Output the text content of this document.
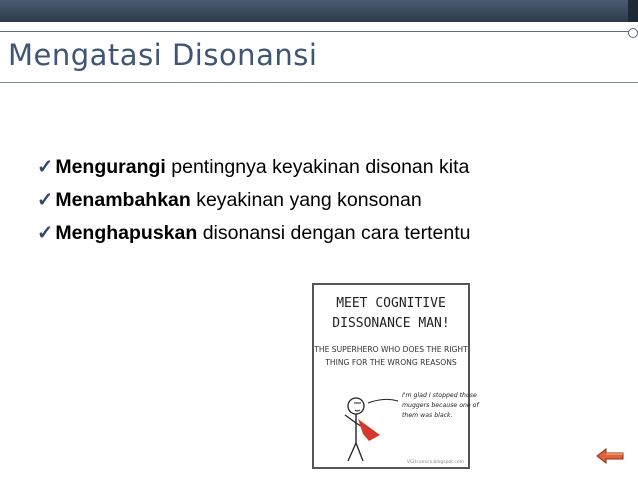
Mengatasi Disonansi
✓ Mengurangi pentingnya keyakinan disonan kita
✓ Menambahkan keyakinan yang konsonan
✓ Menghapuskan disonansi dengan cara tertentu
MEET COGNITIVE
DISSONANCE MAN!
THE SUPERHERO WHO DOES THE RIGHT
THING FOR THE WRONG REASONS
I'm glad I stopped those
muggers because one of
them was black.
VCHcomics.blogspot.com
